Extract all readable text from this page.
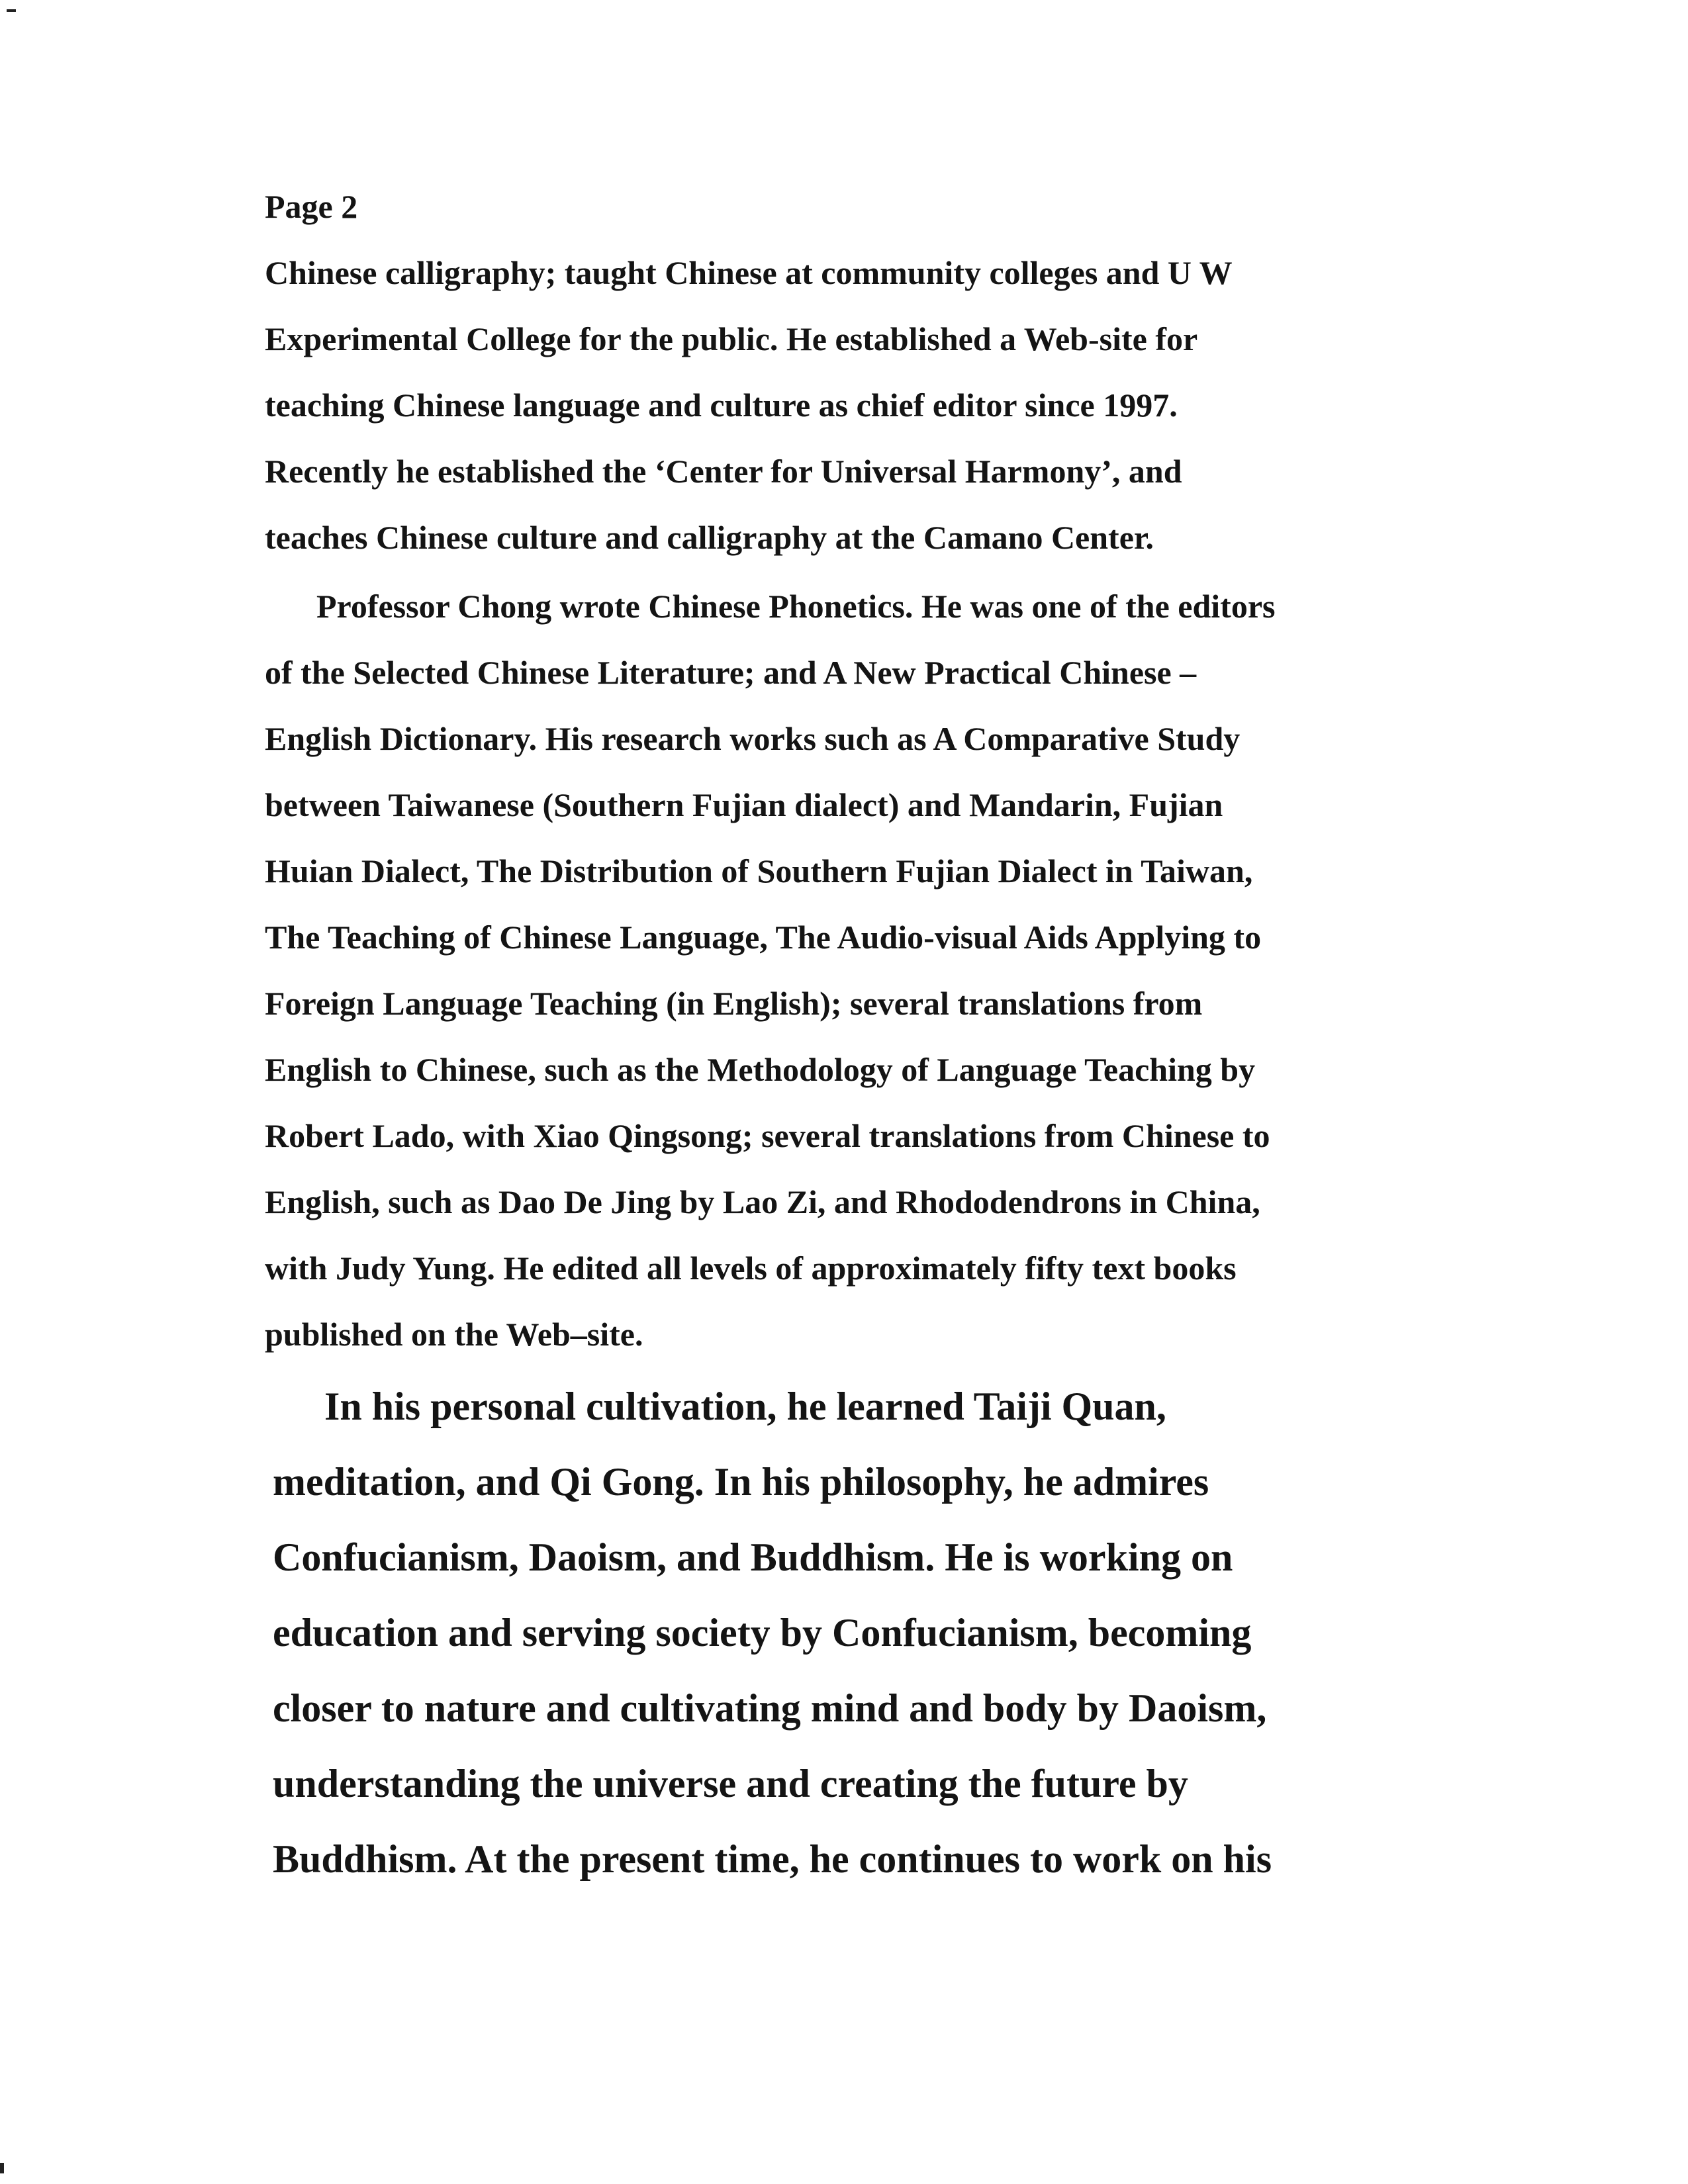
Page 2
Chinese calligraphy; taught Chinese at community colleges and U W
Experimental College for the public. He established a Web-site for
teaching Chinese language and culture as chief editor since 1997.
Recently he established the ‘Center for Universal Harmony’, and
teaches Chinese culture and calligraphy at the Camano Center.
Professor Chong wrote Chinese Phonetics. He was one of the editors
of the Selected Chinese Literature; and A New Practical Chinese –
English Dictionary. His research works such as A Comparative Study
between Taiwanese (Southern Fujian dialect) and Mandarin, Fujian
Huian Dialect, The Distribution of Southern Fujian Dialect in Taiwan,
The Teaching of Chinese Language, The Audio-visual Aids Applying to
Foreign Language Teaching (in English); several translations from
English to Chinese, such as the Methodology of Language Teaching by
Robert Lado, with Xiao Qingsong; several translations from Chinese to
English, such as Dao De Jing by Lao Zi, and Rhododendrons in China,
with Judy Yung. He edited all levels of approximately fifty text books
published on the Web–site.
In his personal cultivation, he learned Taiji Quan,
meditation, and Qi Gong. In his philosophy, he admires
Confucianism, Daoism, and Buddhism. He is working on
education and serving society by Confucianism, becoming
closer to nature and cultivating mind and body by Daoism,
understanding the universe and creating the future by
Buddhism. At the present time, he continues to work on his
